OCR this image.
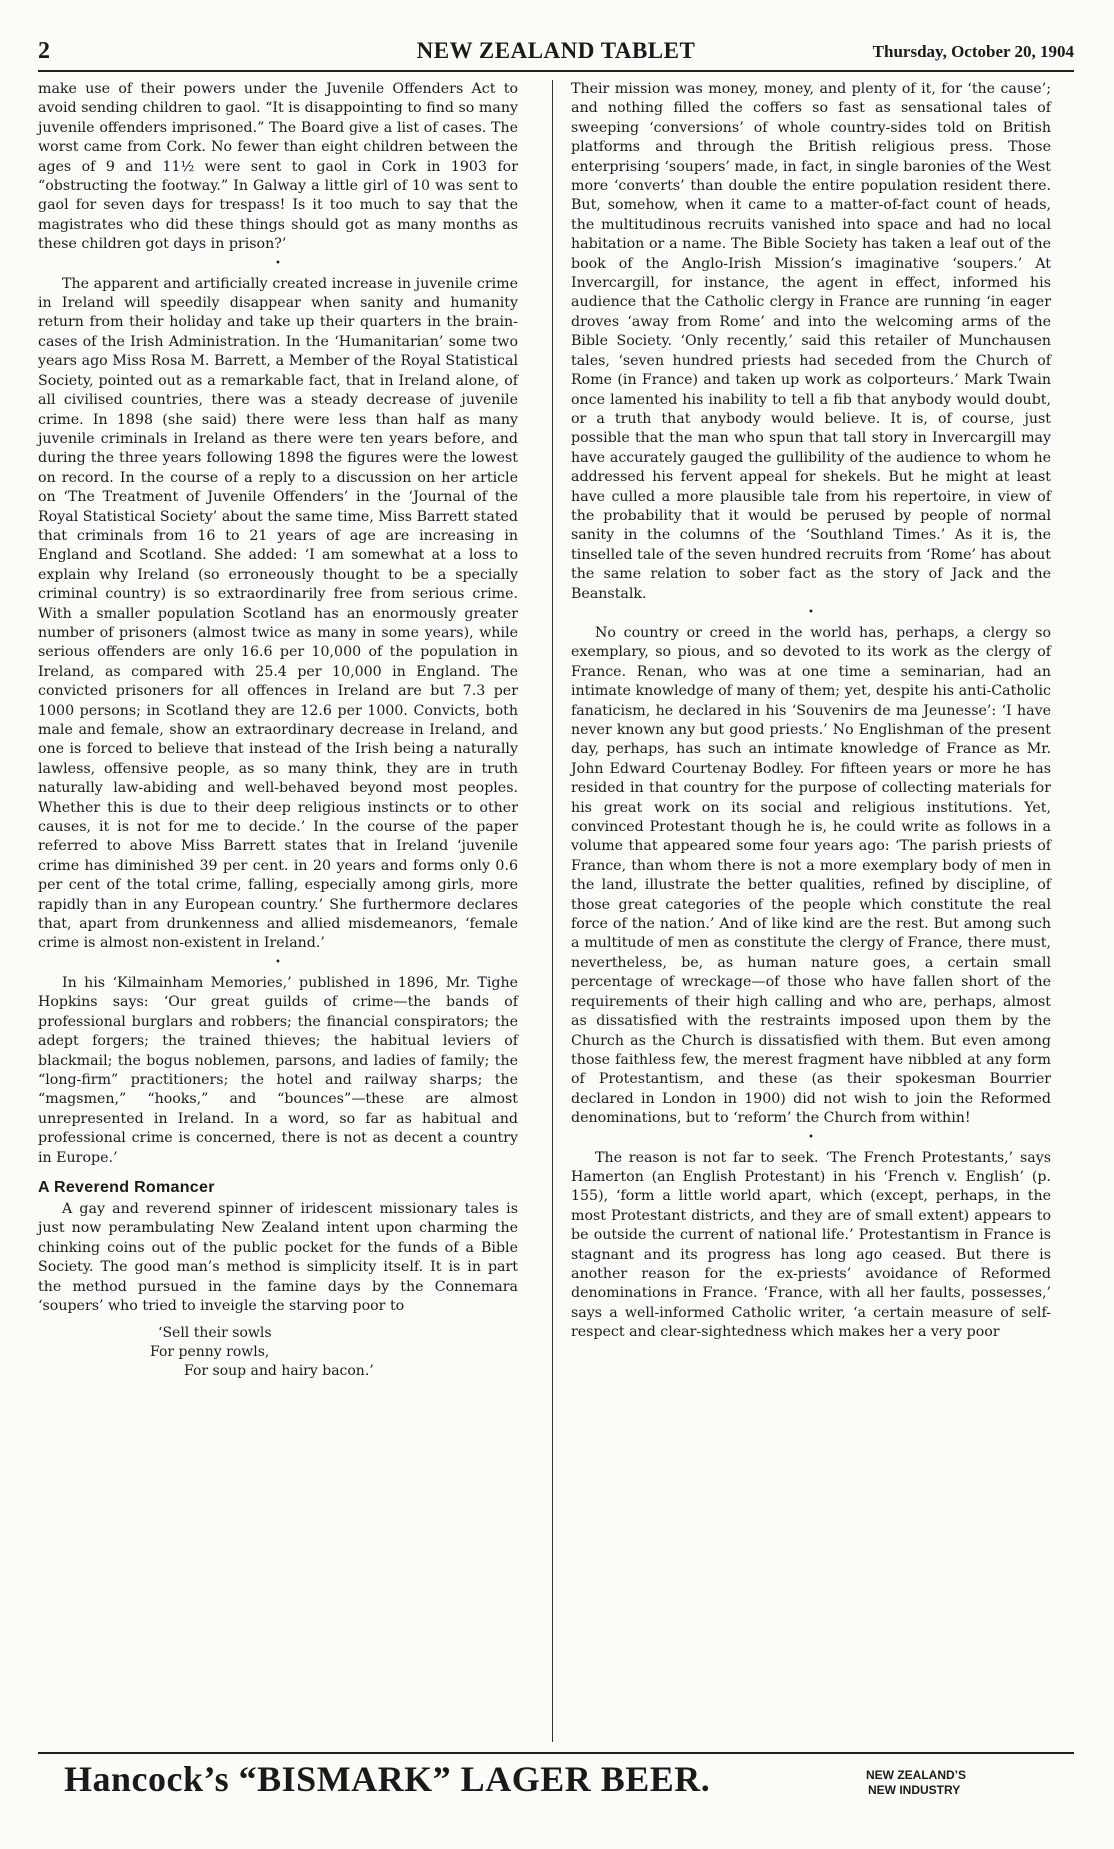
2	NEW ZEALAND TABLET	Thursday, October 20, 1904

make use of their powers under the Juvenile Offenders Act to avoid sending children to gaol. “It is disappointing to find so many juvenile offenders imprisoned.” The Board give a list of cases. The worst came from Cork. No fewer than eight children between the ages of 9 and 11½ were sent to gaol in Cork in 1903 for “obstructing the footway.” In Galway a little girl of 10 was sent to gaol for seven days for trespass! Is it too much to say that the magistrates who did these things should got as many months as these children got days in prison?’

•

The apparent and artificially created increase in juvenile crime in Ireland will speedily disappear when sanity and humanity return from their holiday and take up their quarters in the brain-cases of the Irish Administration. In the ‘Humanitarian’ some two years ago Miss Rosa M. Barrett, a Member of the Royal Statistical Society, pointed out as a remarkable fact, that in Ireland alone, of all civilised countries, there was a steady decrease of juvenile crime. In 1898 (she said) there were less than half as many juvenile criminals in Ireland as there were ten years before, and during the three years following 1898 the figures were the lowest on record. In the course of a reply to a discussion on her article on ‘The Treatment of Juvenile Offenders’ in the ‘Journal of the Royal Statistical Society’ about the same time, Miss Barrett stated that criminals from 16 to 21 years of age are increasing in England and Scotland. She added: ‘I am somewhat at a loss to explain why Ireland (so erroneously thought to be a specially criminal country) is so extraordinarily free from serious crime. With a smaller population Scotland has an enormously greater number of prisoners (almost twice as many in some years), while serious offenders are only 16.6 per 10,000 of the population in Ireland, as compared with 25.4 per 10,000 in England. The convicted prisoners for all offences in Ireland are but 7.3 per 1000 persons; in Scotland they are 12.6 per 1000. Convicts, both male and female, show an extraordinary decrease in Ireland, and one is forced to believe that instead of the Irish being a naturally lawless, offensive people, as so many think, they are in truth naturally law-abiding and well-behaved beyond most peoples. Whether this is due to their deep religious instincts or to other causes, it is not for me to decide.’ In the course of the paper referred to above Miss Barrett states that in Ireland ‘juvenile crime has diminished 39 per cent. in 20 years and forms only 0.6 per cent of the total crime, falling, especially among girls, more rapidly than in any European country.’ She furthermore declares that, apart from drunkenness and allied misdemeanors, ‘female crime is almost non-existent in Ireland.’

•

In his ‘Kilmainham Memories,’ published in 1896, Mr. Tighe Hopkins says: ‘Our great guilds of crime—the bands of professional burglars and robbers; the financial conspirators; the adept forgers; the trained thieves; the habitual leviers of blackmail; the bogus noblemen, parsons, and ladies of family; the “long-firm” practitioners; the hotel and railway sharps; the “magsmen,” “hooks,” and “bounces”—these are almost unrepresented in Ireland. In a word, so far as habitual and professional crime is concerned, there is not as decent a country in Europe.’

A Reverend Romancer

A gay and reverend spinner of iridescent missionary tales is just now perambulating New Zealand intent upon charming the chinking coins out of the public pocket for the funds of a Bible Society. The good man’s method is simplicity itself. It is in part the method pursued in the famine days by the Connemara ‘soupers’ who tried to inveigle the starving poor to

‘Sell their sowls
For penny rowls,
For soup and hairy bacon.’

Their mission was money, money, and plenty of it, for ‘the cause’; and nothing filled the coffers so fast as sensational tales of sweeping ‘conversions’ of whole country-sides told on British platforms and through the British religious press. Those enterprising ‘soupers’ made, in fact, in single baronies of the West more ‘converts’ than double the entire population resident there. But, somehow, when it came to a matter-of-fact count of heads, the multitudinous recruits vanished into space and had no local habitation or a name. The Bible Society has taken a leaf out of the book of the Anglo-Irish Mission’s imaginative ‘soupers.’ At Invercargill, for instance, the agent in effect, informed his audience that the Catholic clergy in France are running ‘in eager droves ‘away from Rome’ and into the welcoming arms of the Bible Society. ‘Only recently,’ said this retailer of Munchausen tales, ‘seven hundred priests had seceded from the Church of Rome (in France) and taken up work as colporteurs.’ Mark Twain once lamented his inability to tell a fib that anybody would doubt, or a truth that anybody would believe. It is, of course, just possible that the man who spun that tall story in Invercargill may have accurately gauged the gullibility of the audience to whom he addressed his fervent appeal for shekels. But he might at least have culled a more plausible tale from his repertoire, in view of the probability that it would be perused by people of normal sanity in the columns of the ‘Southland Times.’ As it is, the tinselled tale of the seven hundred recruits from ‘Rome’ has about the same relation to sober fact as the story of Jack and the Beanstalk.

•

No country or creed in the world has, perhaps, a clergy so exemplary, so pious, and so devoted to its work as the clergy of France. Renan, who was at one time a seminarian, had an intimate knowledge of many of them; yet, despite his anti-Catholic fanaticism, he declared in his ‘Souvenirs de ma Jeunesse’: ‘I have never known any but good priests.’ No Englishman of the present day, perhaps, has such an intimate knowledge of France as Mr. John Edward Courtenay Bodley. For fifteen years or more he has resided in that country for the purpose of collecting materials for his great work on its social and religious institutions. Yet, convinced Protestant though he is, he could write as follows in a volume that appeared some four years ago: ‘The parish priests of France, than whom there is not a more exemplary body of men in the land, illustrate the better qualities, refined by discipline, of those great categories of the people which constitute the real force of the nation.’ And of like kind are the rest. But among such a multitude of men as constitute the clergy of France, there must, nevertheless, be, as human nature goes, a certain small percentage of wreckage—of those who have fallen short of the requirements of their high calling and who are, perhaps, almost as dissatisfied with the restraints imposed upon them by the Church as the Church is dissatisfied with them. But even among those faithless few, the merest fragment have nibbled at any form of Protestantism, and these (as their spokesman Bourrier declared in London in 1900) did not wish to join the Reformed denominations, but to ‘reform’ the Church from within!

•

The reason is not far to seek. ‘The French Protestants,’ says Hamerton (an English Protestant) in his ‘French v. English’ (p. 155), ‘form a little world apart, which (except, perhaps, in the most Protestant districts, and they are of small extent) appears to be outside the current of national life.’ Protestantism in France is stagnant and its progress has long ago ceased. But there is another reason for the ex-priests’ avoidance of Reformed denominations in France. ‘France, with all her faults, possesses,’ says a well-informed Catholic writer, ‘a certain measure of self-respect and clear-sightedness which makes her a very poor

Hancock’s “BISMARK” LAGER BEER.	NEW ZEALAND’S
NEW INDUSTRY
